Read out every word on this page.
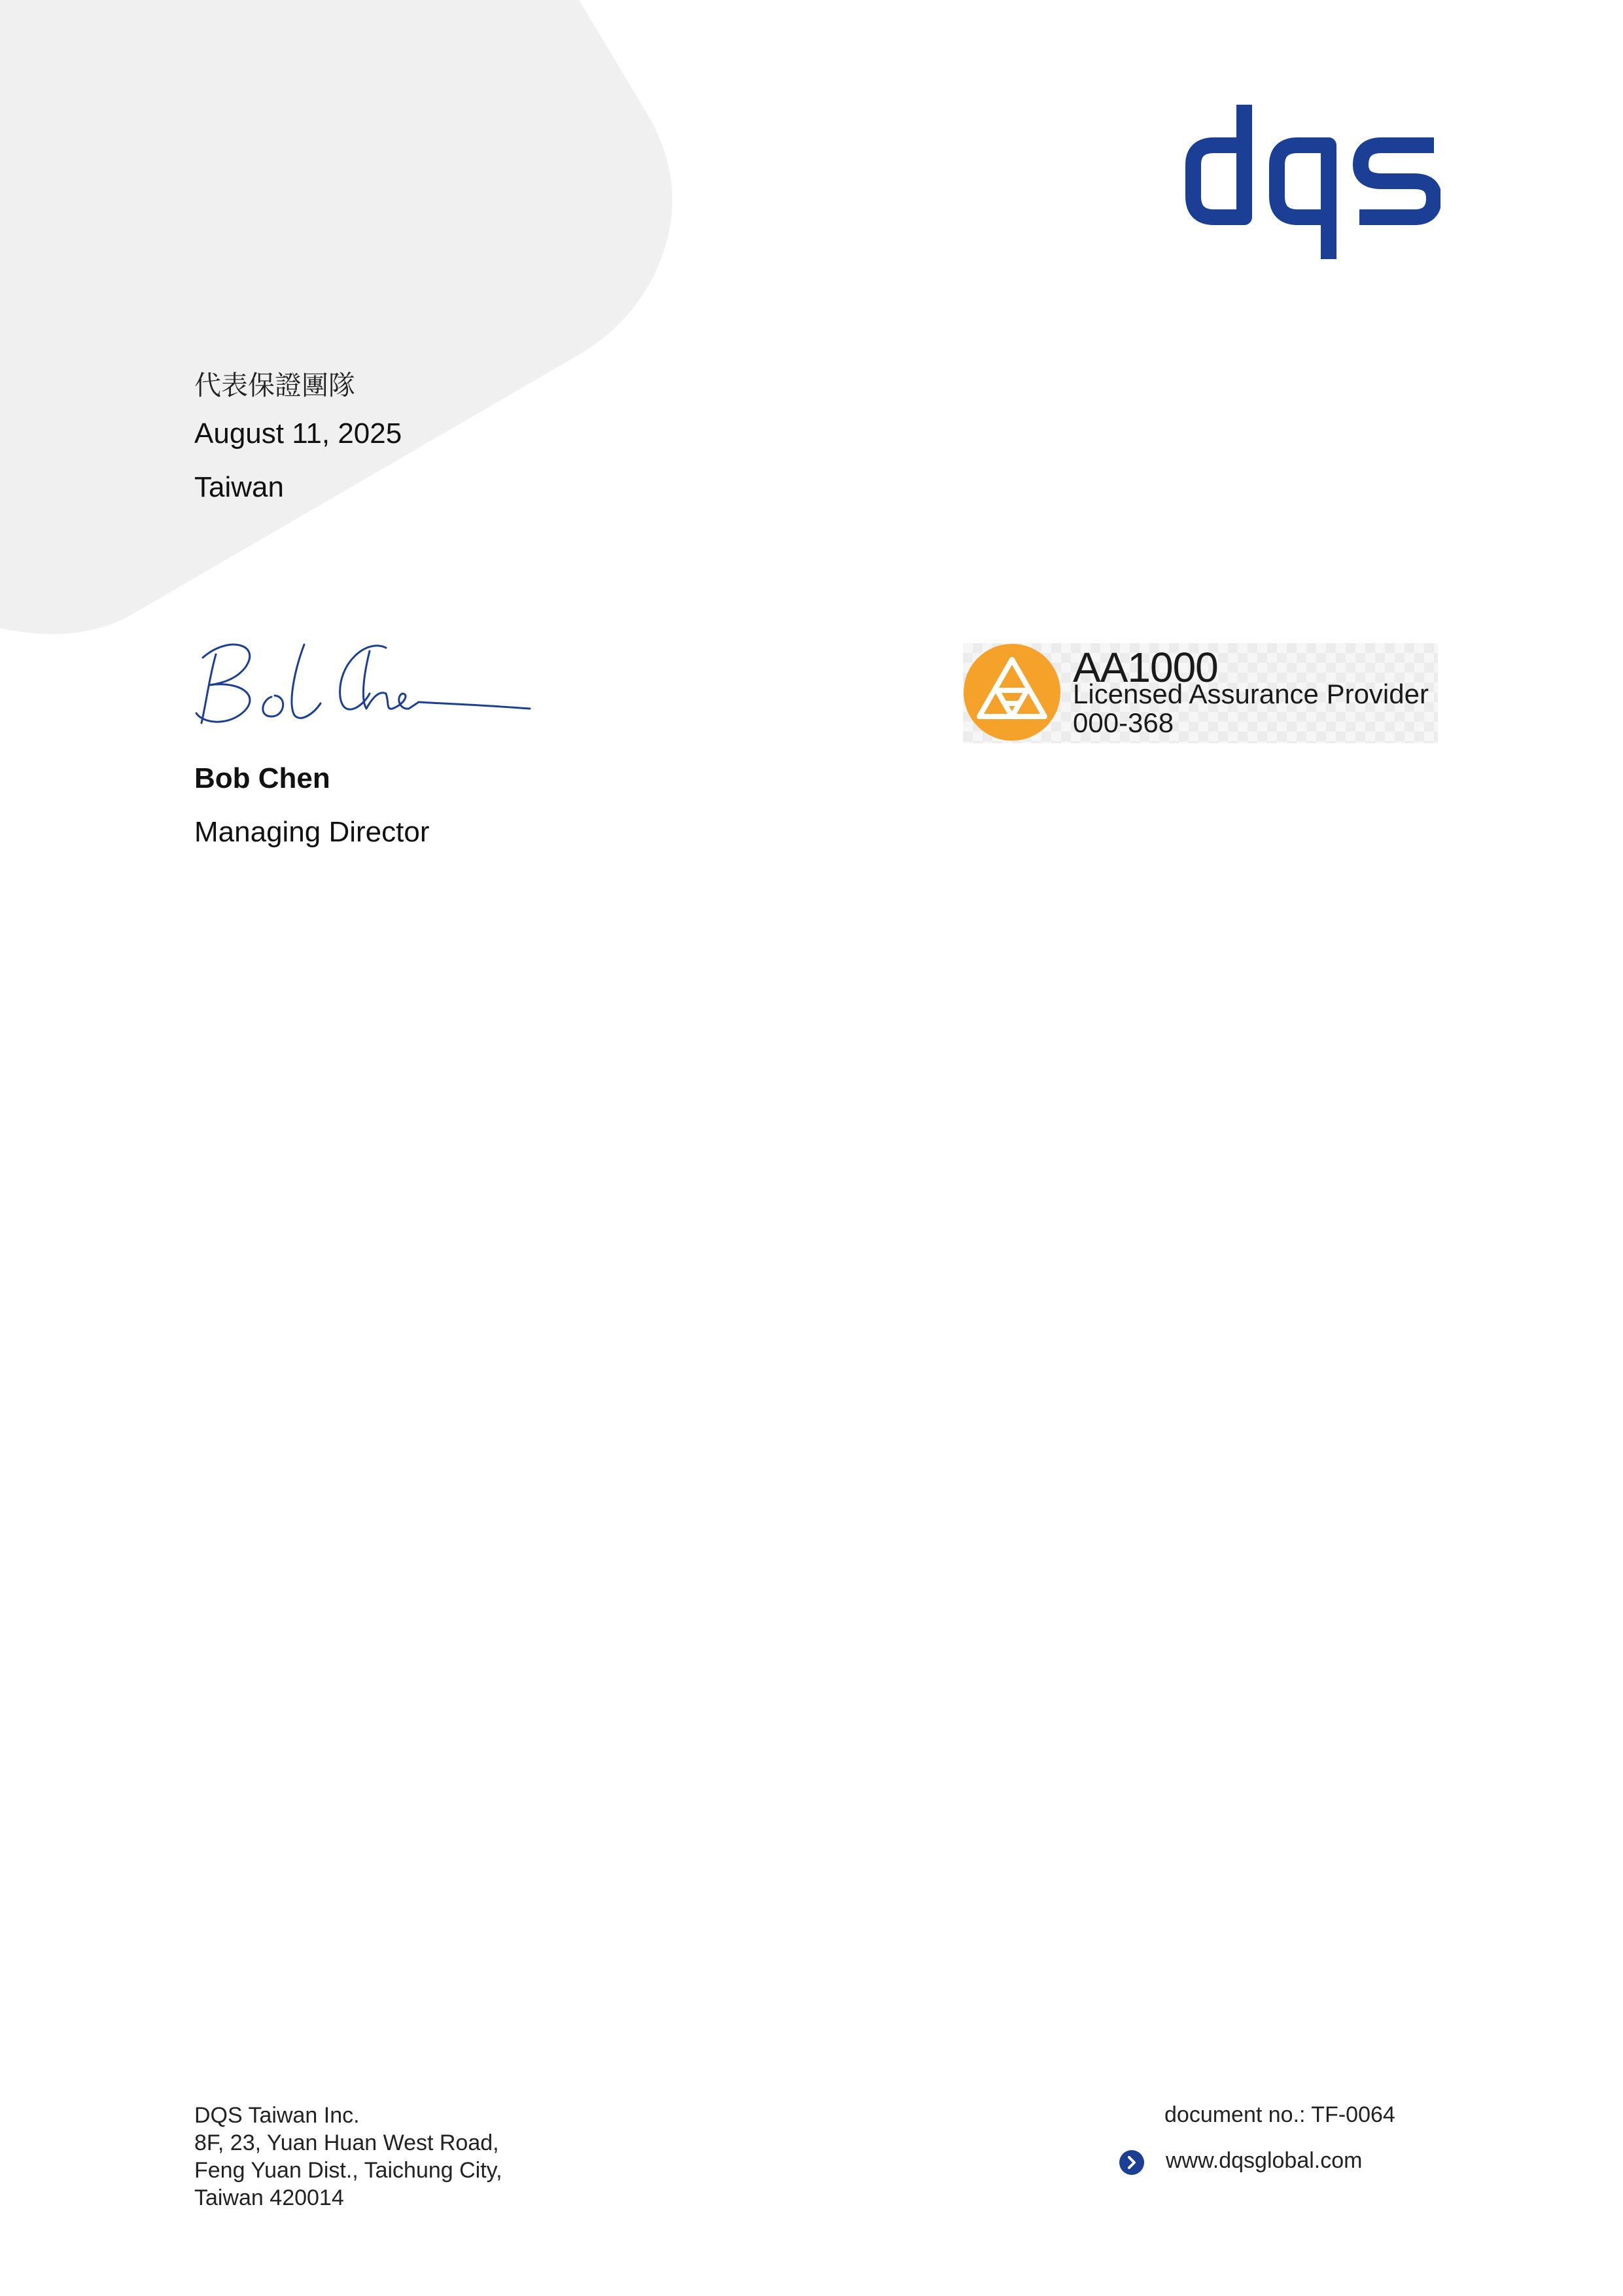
代表保證團隊
August 11, 2025
Taiwan
Bob Chen
Managing Director
AA1000
Licensed Assurance Provider
000-368
DQS Taiwan Inc.
8F, 23, Yuan Huan West Road,
Feng Yuan Dist., Taichung City,
Taiwan 420014
document no.: TF-0064
www.dqsglobal.com
